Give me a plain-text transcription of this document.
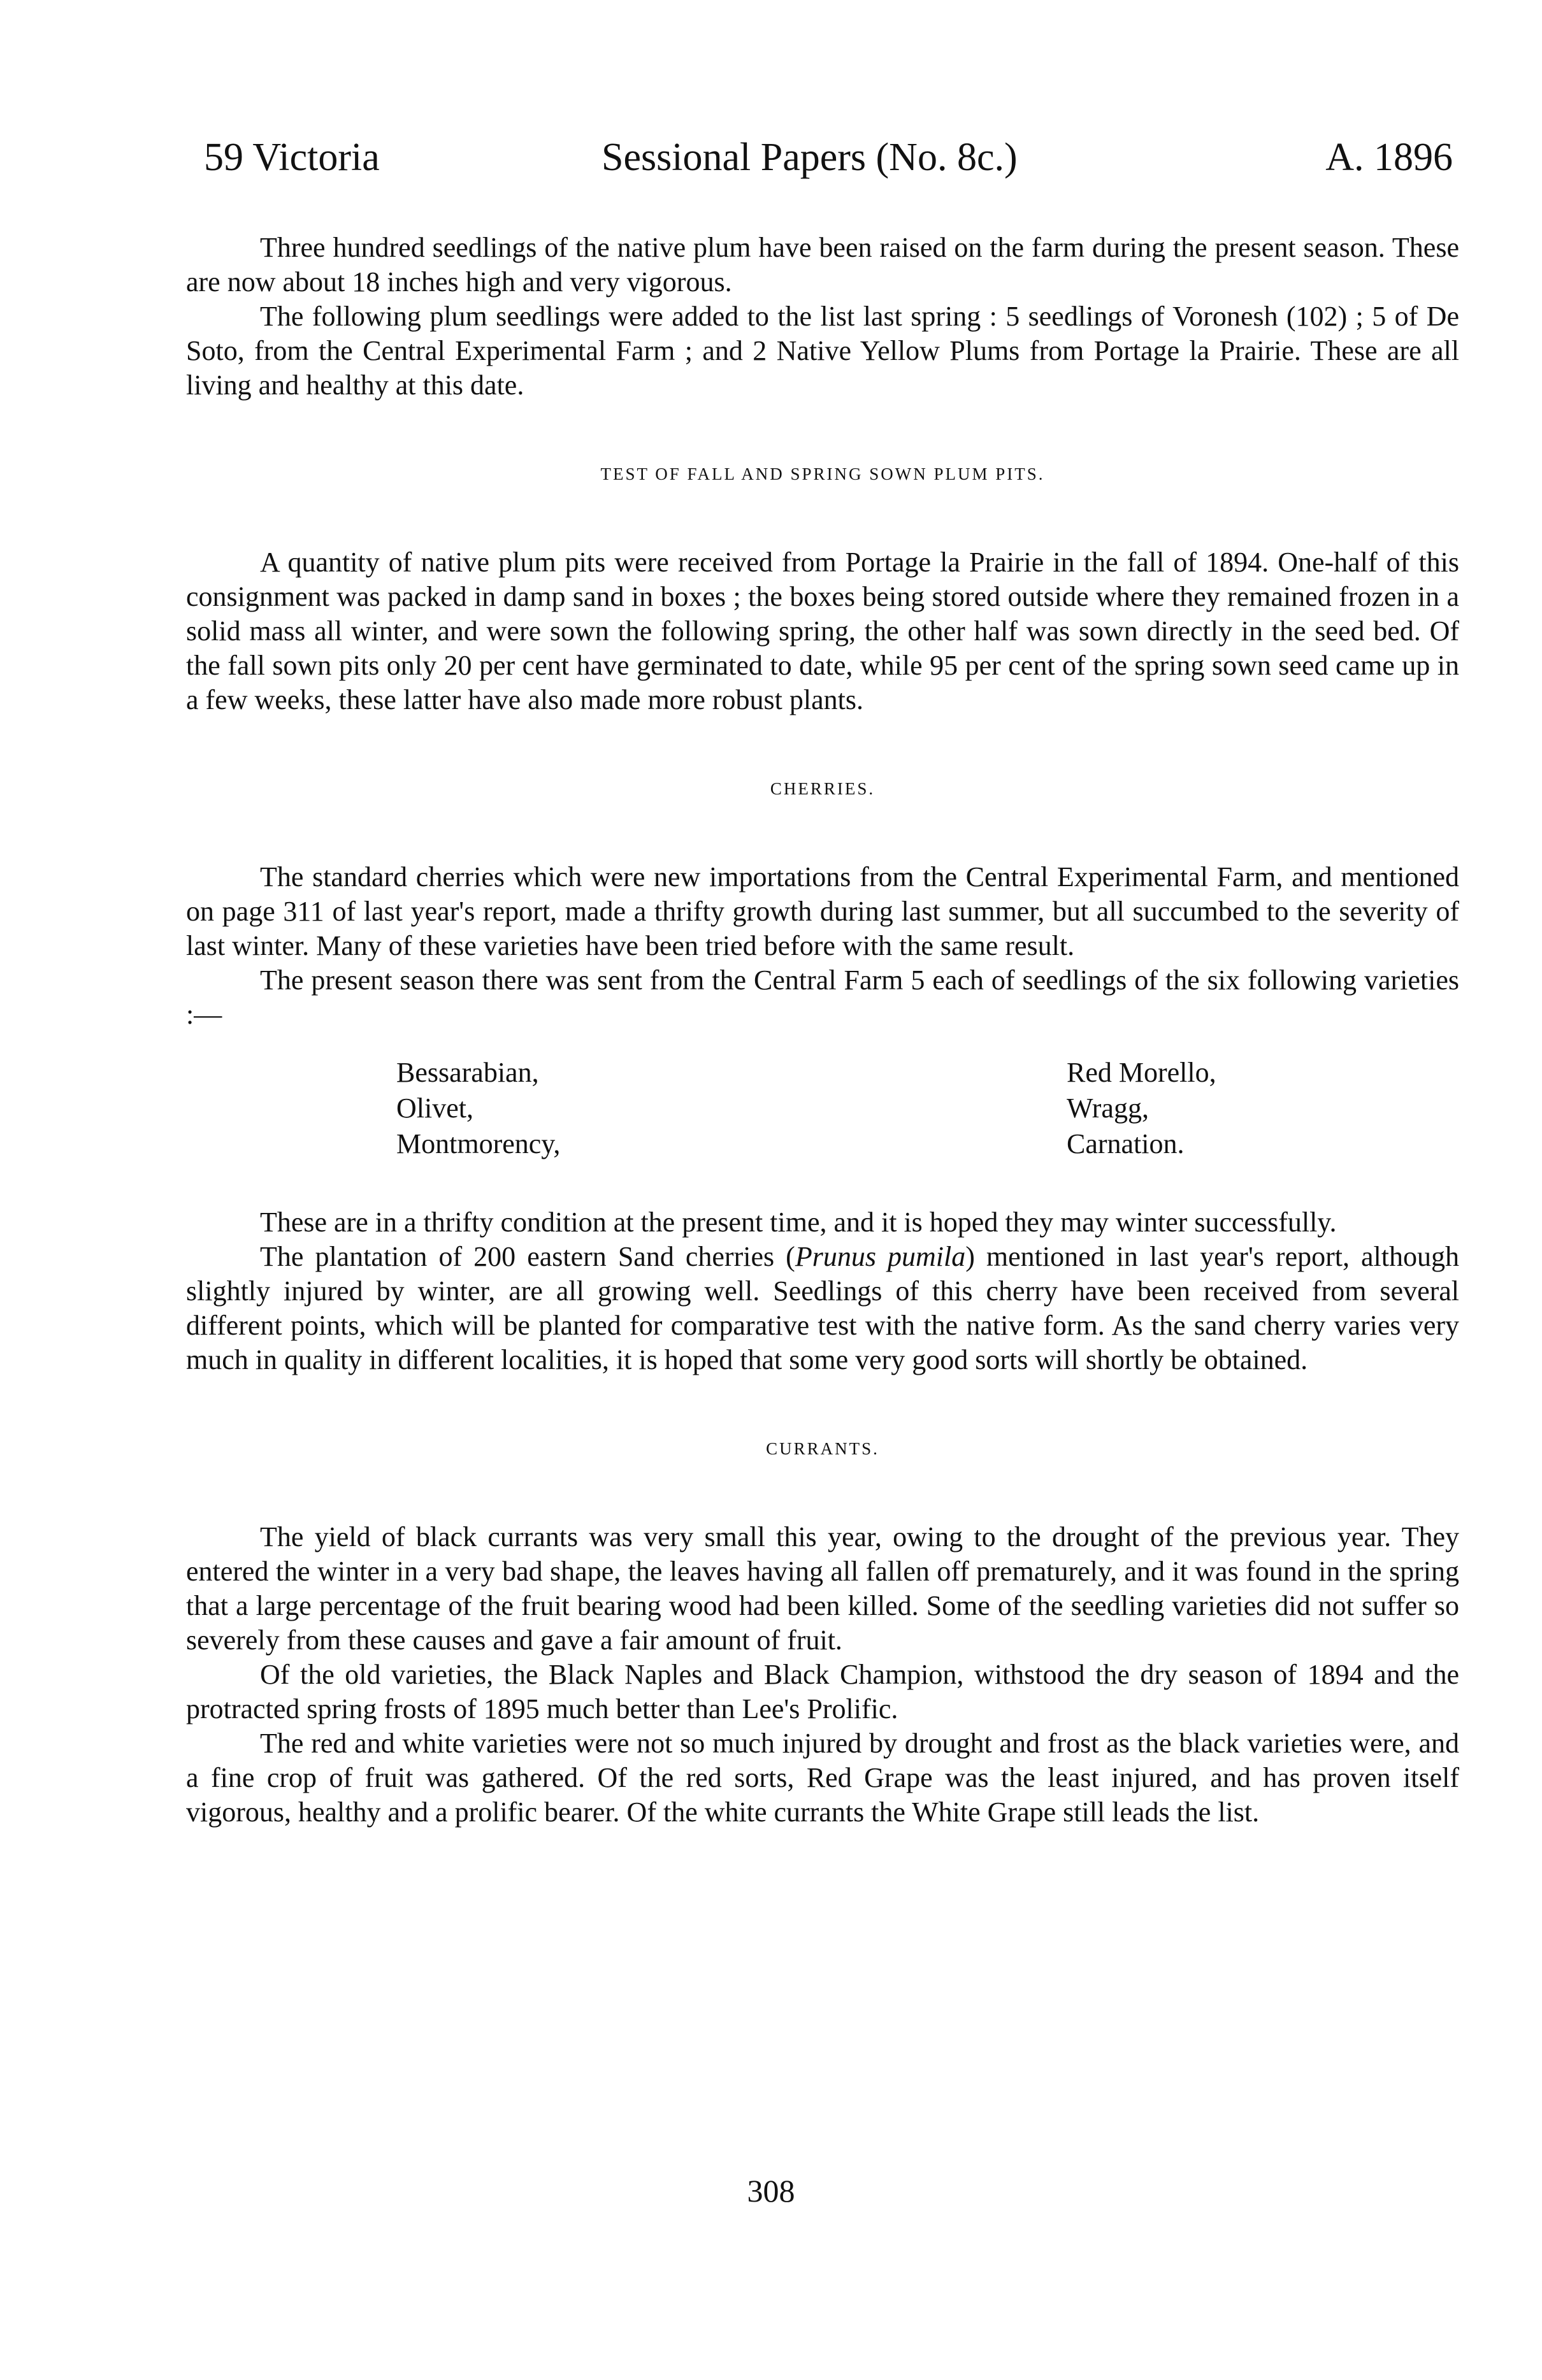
59 Victoria	Sessional Papers (No. 8c.)	A. 1896

Three hundred seedlings of the native plum have been raised on the farm during the present season. These are now about 18 inches high and very vigorous.

The following plum seedlings were added to the list last spring : 5 seedlings of Voronesh (102) ; 5 of De Soto, from the Central Experimental Farm ; and 2 Native Yellow Plums from Portage la Prairie. These are all living and healthy at this date.

TEST OF FALL AND SPRING SOWN PLUM PITS.

A quantity of native plum pits were received from Portage la Prairie in the fall of 1894. One-half of this consignment was packed in damp sand in boxes ; the boxes being stored outside where they remained frozen in a solid mass all winter, and were sown the following spring, the other half was sown directly in the seed bed. Of the fall sown pits only 20 per cent have germinated to date, while 95 per cent of the spring sown seed came up in a few weeks, these latter have also made more robust plants.

CHERRIES.

The standard cherries which were new importations from the Central Experimental Farm, and mentioned on page 311 of last year's report, made a thrifty growth during last summer, but all succumbed to the severity of last winter. Many of these varieties have been tried before with the same result.

The present season there was sent from the Central Farm 5 each of seedlings of the six following varieties :—

Bessarabian,
Olivet,
Montmorency,
Red Morello,
Wragg,
Carnation.

These are in a thrifty condition at the present time, and it is hoped they may winter successfully.

The plantation of 200 eastern Sand cherries (Prunus pumila) mentioned in last year's report, although slightly injured by winter, are all growing well. Seedlings of this cherry have been received from several different points, which will be planted for comparative test with the native form. As the sand cherry varies very much in quality in different localities, it is hoped that some very good sorts will shortly be obtained.

CURRANTS.

The yield of black currants was very small this year, owing to the drought of the previous year. They entered the winter in a very bad shape, the leaves having all fallen off prematurely, and it was found in the spring that a large percentage of the fruit bearing wood had been killed. Some of the seedling varieties did not suffer so severely from these causes and gave a fair amount of fruit.

Of the old varieties, the Black Naples and Black Champion, withstood the dry season of 1894 and the protracted spring frosts of 1895 much better than Lee's Prolific.

The red and white varieties were not so much injured by drought and frost as the black varieties were, and a fine crop of fruit was gathered. Of the red sorts, Red Grape was the least injured, and has proven itself vigorous, healthy and a prolific bearer. Of the white currants the White Grape still leads the list.

308
